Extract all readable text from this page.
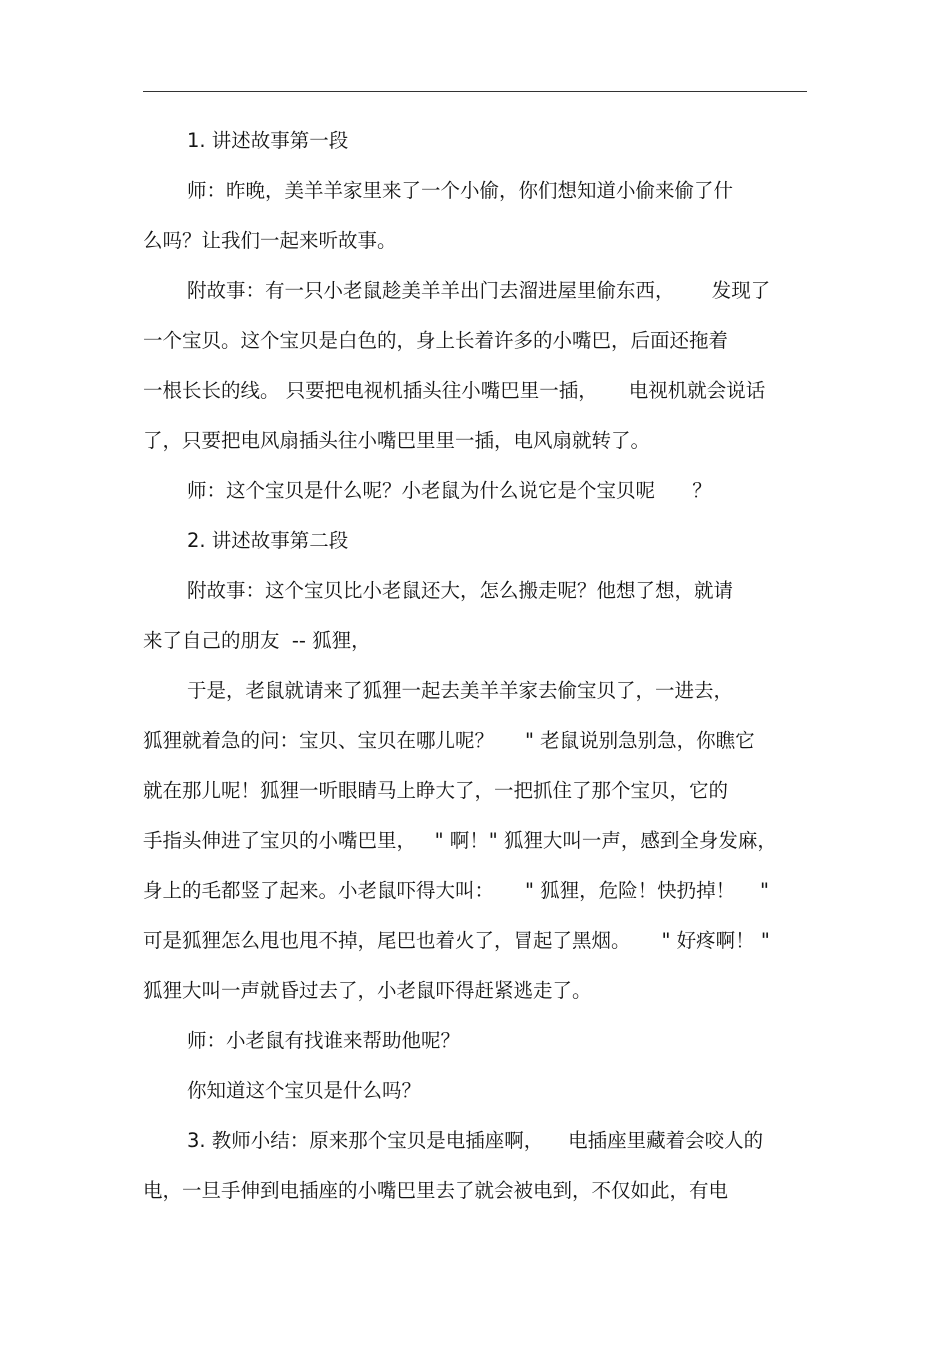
1. 讲述故事第一段
师：昨晚，美羊羊家里来了一个小偷，你们想知道小偷来偷了什
么吗？让我们一起来听故事。
附故事：有一只小老鼠趁美羊羊出门去溜进屋里偷东西，      发现了
一个宝贝。这个宝贝是白色的，身上长着许多的小嘴巴，后面还拖着
一根长长的线。 只要把电视机插头往小嘴巴里一插，     电视机就会说话
了，只要把电风扇插头往小嘴巴里里一插，电风扇就转了。
师：这个宝贝是什么呢？小老鼠为什么说它是个宝贝呢      ？
2. 讲述故事第二段
附故事：这个宝贝比小老鼠还大，怎么搬走呢？他想了想，就请
来了自己的朋友  -- 狐狸，
于是，老鼠就请来了狐狸一起去美羊羊家去偷宝贝了，一进去，
狐狸就着急的问：宝贝、宝贝在哪儿呢？     " 老鼠说别急别急，你瞧它
就在那儿呢！狐狸一听眼睛马上睁大了，一把抓住了那个宝贝，它的
手指头伸进了宝贝的小嘴巴里，   " 啊！" 狐狸大叫一声，感到全身发麻，
身上的毛都竖了起来。小老鼠吓得大叫：     " 狐狸，危险！快扔掉！    "
可是狐狸怎么甩也甩不掉，尾巴也着火了，冒起了黑烟。     " 好疼啊！ "
狐狸大叫一声就昏过去了，小老鼠吓得赶紧逃走了。
师：小老鼠有找谁来帮助他呢？
你知道这个宝贝是什么吗？
3. 教师小结：原来那个宝贝是电插座啊，    电插座里藏着会咬人的
电，一旦手伸到电插座的小嘴巴里去了就会被电到，不仅如此，有电
